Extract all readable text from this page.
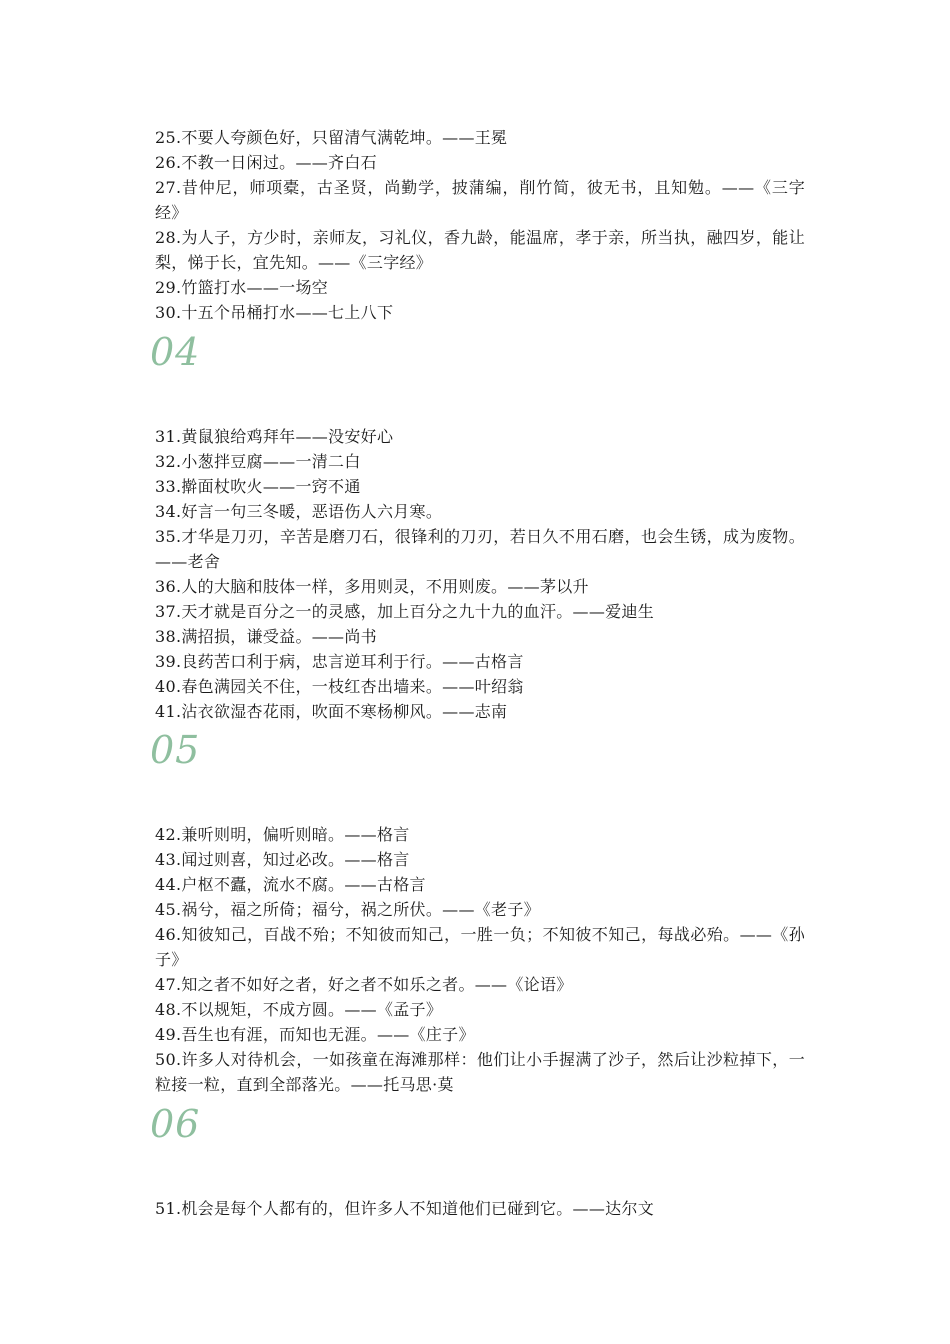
25.不要人夸颜色好，只留清气满乾坤。——王冕
26.不教一日闲过。——齐白石
27.昔仲尼，师项橐，古圣贤，尚勤学，披蒲编，削竹简，彼无书，且知勉。——《三字经》
28.为人子，方少时，亲师友，习礼仪，香九龄，能温席，孝于亲，所当执，融四岁，能让梨，悌于长，宜先知。——《三字经》
29.竹篮打水——一场空
30.十五个吊桶打水——七上八下
04
31.黄鼠狼给鸡拜年——没安好心
32.小葱拌豆腐——一清二白
33.擀面杖吹火——一窍不通
34.好言一句三冬暖，恶语伤人六月寒。
35.才华是刀刃，辛苦是磨刀石，很锋利的刀刃，若日久不用石磨，也会生锈，成为废物。——老舍
36.人的大脑和肢体一样，多用则灵，不用则废。——茅以升
37.天才就是百分之一的灵感，加上百分之九十九的血汗。——爱迪生
38.满招损，谦受益。——尚书
39.良药苦口利于病，忠言逆耳利于行。——古格言
40.春色满园关不住，一枝红杏出墙来。——叶绍翁
41.沾衣欲湿杏花雨，吹面不寒杨柳风。——志南
05
42.兼听则明，偏听则暗。——格言
43.闻过则喜，知过必改。——格言
44.户枢不蠹，流水不腐。——古格言
45.祸兮，福之所倚；福兮，祸之所伏。——《老子》
46.知彼知己，百战不殆；不知彼而知己，一胜一负；不知彼不知己，每战必殆。——《孙子》
47.知之者不如好之者，好之者不如乐之者。——《论语》
48.不以规矩，不成方圆。——《孟子》
49.吾生也有涯，而知也无涯。——《庄子》
50.许多人对待机会，一如孩童在海滩那样：他们让小手握满了沙子，然后让沙粒掉下，一粒接一粒，直到全部落光。——托马思·莫
06
51.机会是每个人都有的，但许多人不知道他们已碰到它。——达尔文
